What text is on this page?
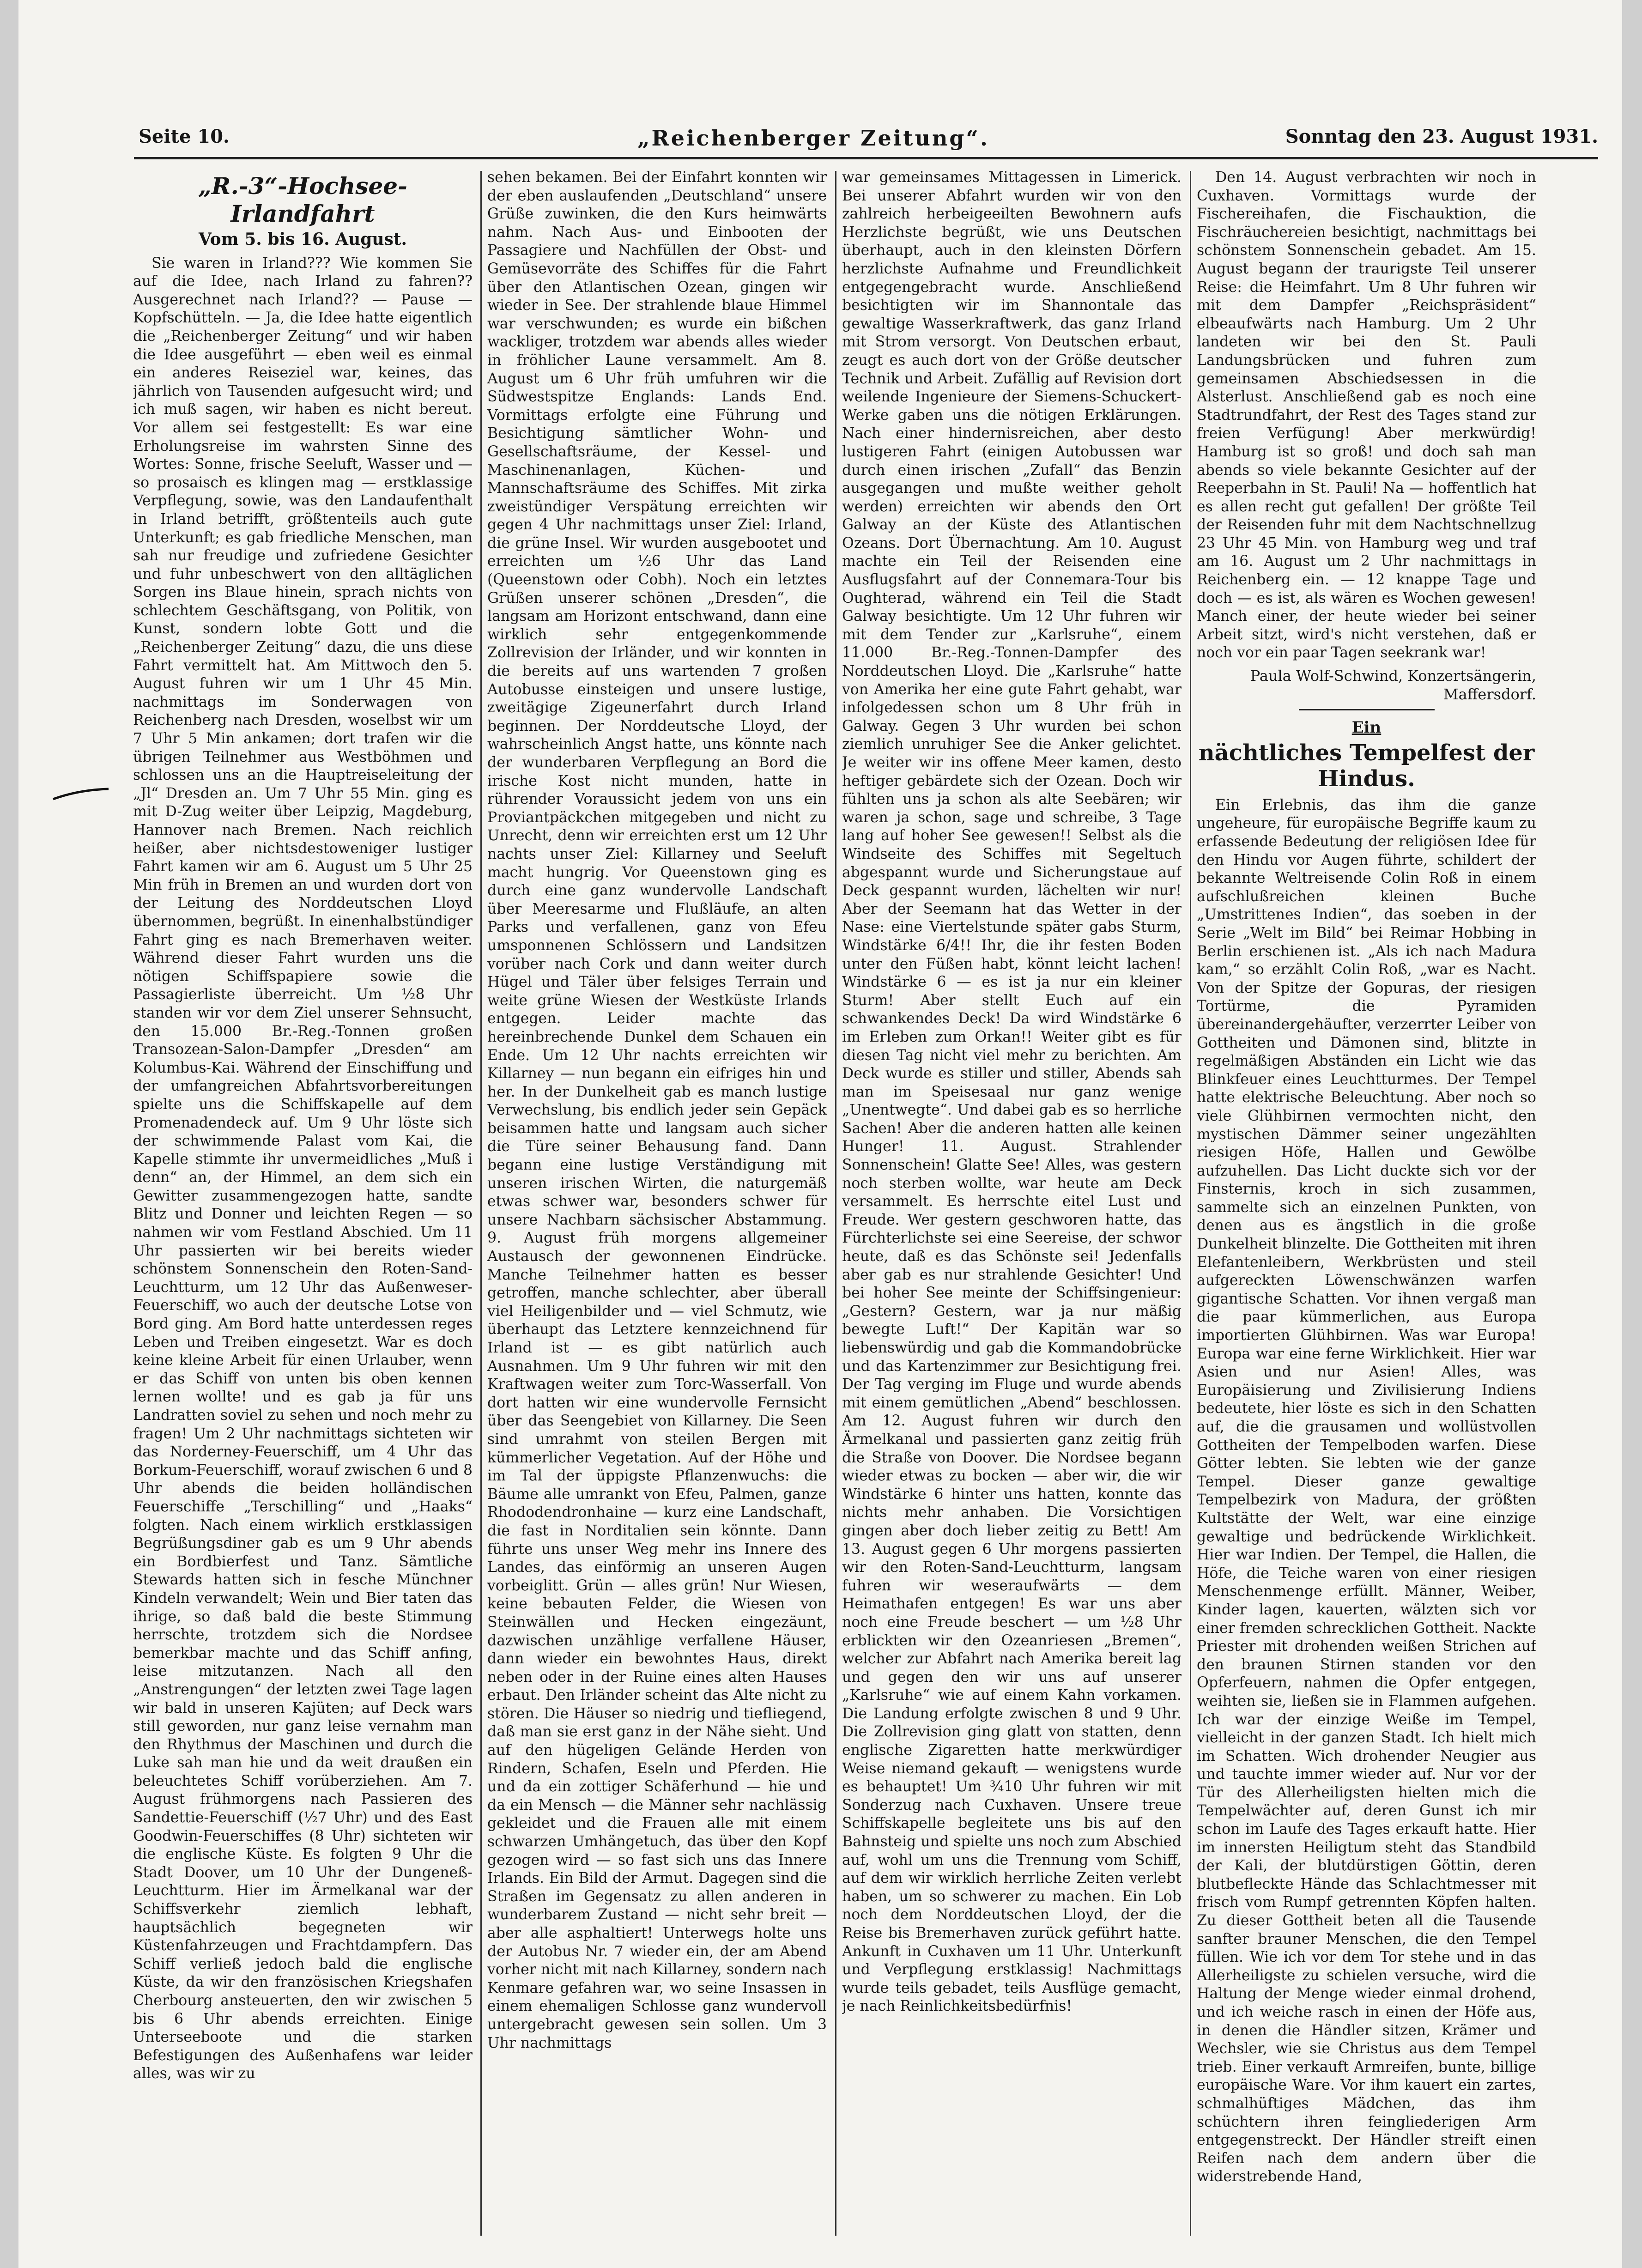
Seite 10.	„Reichenberger Zeitung“.	Sonntag den 23. August 1931.
„R.-3“-Hochsee-Irlandfahrt
Vom 5. bis 16. August.

Sie waren in Irland??? Wie kommen Sie auf die Idee, nach Irland zu fahren?? Ausgerechnet nach Irland?? — Pause — Kopfschütteln. — Ja, die Idee hatte eigentlich die „Reichenberger Zeitung“ und wir haben die Idee ausgeführt — eben weil es einmal ein anderes Reiseziel war, keines, das jährlich von Tausenden aufgesucht wird; und ich muß sagen, wir haben es nicht bereut. Vor allem sei festgestellt: Es war eine Erholungsreise im wahrsten Sinne des Wortes: Sonne, frische Seeluft, Wasser und — so prosaisch es klingen mag — erstklassige Verpflegung, sowie, was den Landaufenthalt in Irland betrifft, größtenteils auch gute Unterkunft; es gab friedliche Menschen, man sah nur freudige und zufriedene Gesichter und fuhr unbeschwert von den alltäglichen Sorgen ins Blaue hinein, sprach nichts von schlechtem Geschäftsgang, von Politik, von Kunst, sondern lobte Gott und die „Reichenberger Zeitung“ dazu, die uns diese Fahrt vermittelt hat. Am Mittwoch den 5. August fuhren wir um 1 Uhr 45 Min. nachmittags im Sonderwagen von Reichenberg nach Dresden, woselbst wir um 7 Uhr 5 Min ankamen; dort trafen wir die übrigen Teilnehmer aus Westböhmen und schlossen uns an die Hauptreiseleitung der „Jl“ Dresden an. Um 7 Uhr 55 Min. ging es mit D-Zug weiter über Leipzig, Magdeburg, Hannover nach Bremen. Nach reichlich heißer, aber nichtsdestoweniger lustiger Fahrt kamen wir am 6. August um 5 Uhr 25 Min früh in Bremen an und wurden dort von der Leitung des Norddeutschen Lloyd übernommen, begrüßt. In einenhalbstündiger Fahrt ging es nach Bremerhaven weiter. Während dieser Fahrt wurden uns die nötigen Schiffspapiere sowie die Passagierliste überreicht. Um ½8 Uhr standen wir vor dem Ziel unserer Sehnsucht, den 15.000 Br.-Reg.-Tonnen großen Transozean-Salon-Dampfer „Dresden“ am Kolumbus-Kai. Während der Einschiffung und der umfangreichen Abfahrtsvorbereitungen spielte uns die Schiffskapelle auf dem Promenadendeck auf. Um 9 Uhr löste sich der schwimmende Palast vom Kai, die Kapelle stimmte ihr unvermeidliches „Muß i denn“ an, der Himmel, an dem sich ein Gewitter zusammengezogen hatte, sandte Blitz und Donner und leichten Regen — so nahmen wir vom Festland Abschied. Um 11 Uhr passierten wir bei bereits wieder schönstem Sonnenschein den Roten-Sand-Leuchtturm, um 12 Uhr das Außenweser-Feuerschiff, wo auch der deutsche Lotse von Bord ging. Am Bord hatte unterdessen reges Leben und Treiben eingesetzt. War es doch keine kleine Arbeit für einen Urlauber, wenn er das Schiff von unten bis oben kennen lernen wollte! und es gab ja für uns Landratten soviel zu sehen und noch mehr zu fragen! Um 2 Uhr nachmittags sichteten wir das Norderney-Feuerschiff, um 4 Uhr das Borkum-Feuerschiff, worauf zwischen 6 und 8 Uhr abends die beiden holländischen Feuerschiffe „Terschilling“ und „Haaks“ folgten. Nach einem wirklich erstklassigen Begrüßungsdiner gab es um 9 Uhr abends ein Bordbierfest und Tanz. Sämtliche Stewards hatten sich in fesche Münchner Kindeln verwandelt; Wein und Bier taten das ihrige, so daß bald die beste Stimmung herrschte, trotzdem sich die Nordsee bemerkbar machte und das Schiff anfing, leise mitzutanzen. Nach all den „Anstrengungen“ der letzten zwei Tage lagen wir bald in unseren Kajüten; auf Deck wars still geworden, nur ganz leise vernahm man den Rhythmus der Maschinen und durch die Luke sah man hie und da weit draußen ein beleuchtetes Schiff vorüberziehen. Am 7. August frühmorgens nach Passieren des Sandettie-Feuerschiff (½7 Uhr) und des East Goodwin-Feuerschiffes (8 Uhr) sichteten wir die englische Küste. Es folgten 9 Uhr die Stadt Doover, um 10 Uhr der Dungeneß-Leuchtturm. Hier im Ärmelkanal war der Schiffsverkehr ziemlich lebhaft, hauptsächlich begegneten wir Küstenfahrzeugen und Frachtdampfern. Das Schiff verließ jedoch bald die englische Küste, da wir den französischen Kriegshafen Cherbourg ansteuerten, den wir zwischen 5 bis 6 Uhr abends erreichten. Einige Unterseeboote und die starken Befestigungen des Außenhafens war leider alles, was wir zu

sehen bekamen. Bei der Einfahrt konnten wir der eben auslaufenden „Deutschland“ unsere Grüße zuwinken, die den Kurs heimwärts nahm. Nach Aus- und Einbooten der Passagiere und Nachfüllen der Obst- und Gemüsevorräte des Schiffes für die Fahrt über den Atlantischen Ozean, gingen wir wieder in See. Der strahlende blaue Himmel war verschwunden; es wurde ein bißchen wackliger, trotzdem war abends alles wieder in fröhlicher Laune versammelt. Am 8. August um 6 Uhr früh umfuhren wir die Südwestspitze Englands: Lands End. Vormittags erfolgte eine Führung und Besichtigung sämtlicher Wohn- und Gesellschaftsräume, der Kessel- und Maschinenanlagen, Küchen- und Mannschaftsräume des Schiffes. Mit zirka zweistündiger Verspätung erreichten wir gegen 4 Uhr nachmittags unser Ziel: Irland, die grüne Insel. Wir wurden ausgebootet und erreichten um ½6 Uhr das Land (Queenstown oder Cobh). Noch ein letztes Grüßen unserer schönen „Dresden“, die langsam am Horizont entschwand, dann eine wirklich sehr entgegenkommende Zollrevision der Irländer, und wir konnten in die bereits auf uns wartenden 7 großen Autobusse einsteigen und unsere lustige, zweitägige Zigeunerfahrt durch Irland beginnen. Der Norddeutsche Lloyd, der wahrscheinlich Angst hatte, uns könnte nach der wunderbaren Verpflegung an Bord die irische Kost nicht munden, hatte in rührender Voraussicht jedem von uns ein Proviantpäckchen mitgegeben und nicht zu Unrecht, denn wir erreichten erst um 12 Uhr nachts unser Ziel: Killarney und Seeluft macht hungrig. Vor Queenstown ging es durch eine ganz wundervolle Landschaft über Meeresarme und Flußläufe, an alten Parks und verfallenen, ganz von Efeu umsponnenen Schlössern und Landsitzen vorüber nach Cork und dann weiter durch Hügel und Täler über felsiges Terrain und weite grüne Wiesen der Westküste Irlands entgegen. Leider machte das hereinbrechende Dunkel dem Schauen ein Ende. Um 12 Uhr nachts erreichten wir Killarney — nun begann ein eifriges hin und her. In der Dunkelheit gab es manch lustige Verwechslung, bis endlich jeder sein Gepäck beisammen hatte und langsam auch sicher die Türe seiner Behausung fand. Dann begann eine lustige Verständigung mit unseren irischen Wirten, die naturgemäß etwas schwer war, besonders schwer für unsere Nachbarn sächsischer Abstammung. 9. August früh morgens allgemeiner Austausch der gewonnenen Eindrücke. Manche Teilnehmer hatten es besser getroffen, manche schlechter, aber überall viel Heiligenbilder und — viel Schmutz, wie überhaupt das Letztere kennzeichnend für Irland ist — es gibt natürlich auch Ausnahmen. Um 9 Uhr fuhren wir mit den Kraftwagen weiter zum Torc-Wasserfall. Von dort hatten wir eine wundervolle Fernsicht über das Seengebiet von Killarney. Die Seen sind umrahmt von steilen Bergen mit kümmerlicher Vegetation. Auf der Höhe und im Tal der üppigste Pflanzenwuchs: die Bäume alle umrankt von Efeu, Palmen, ganze Rhododendronhaine — kurz eine Landschaft, die fast in Norditalien sein könnte. Dann führte uns unser Weg mehr ins Innere des Landes, das einförmig an unseren Augen vorbeiglitt. Grün — alles grün! Nur Wiesen, keine bebauten Felder, die Wiesen von Steinwällen und Hecken eingezäunt, dazwischen unzählige verfallene Häuser, dann wieder ein bewohntes Haus, direkt neben oder in der Ruine eines alten Hauses erbaut. Den Irländer scheint das Alte nicht zu stören. Die Häuser so niedrig und tiefliegend, daß man sie erst ganz in der Nähe sieht. Und auf den hügeligen Gelände Herden von Rindern, Schafen, Eseln und Pferden. Hie und da ein zottiger Schäferhund — hie und da ein Mensch — die Männer sehr nachlässig gekleidet und die Frauen alle mit einem schwarzen Umhängetuch, das über den Kopf gezogen wird — so fast sich uns das Innere Irlands. Ein Bild der Armut. Dagegen sind die Straßen im Gegensatz zu allen anderen in wunderbarem Zustand — nicht sehr breit — aber alle asphaltiert! Unterwegs holte uns der Autobus Nr. 7 wieder ein, der am Abend vorher nicht mit nach Killarney, sondern nach Kenmare gefahren war, wo seine Insassen in einem ehemaligen Schlosse ganz wundervoll untergebracht gewesen sein sollen. Um 3 Uhr nachmittags

war gemeinsames Mittagessen in Limerick. Bei unserer Abfahrt wurden wir von den zahlreich herbeigeeilten Bewohnern aufs Herzlichste begrüßt, wie uns Deutschen überhaupt, auch in den kleinsten Dörfern herzlichste Aufnahme und Freundlichkeit entgegengebracht wurde. Anschließend besichtigten wir im Shannontale das gewaltige Wasserkraftwerk, das ganz Irland mit Strom versorgt. Von Deutschen erbaut, zeugt es auch dort von der Größe deutscher Technik und Arbeit. Zufällig auf Revision dort weilende Ingenieure der Siemens-Schuckert-Werke gaben uns die nötigen Erklärungen. Nach einer hindernisreichen, aber desto lustigeren Fahrt (einigen Autobussen war durch einen irischen „Zufall“ das Benzin ausgegangen und mußte weither geholt werden) erreichten wir abends den Ort Galway an der Küste des Atlantischen Ozeans. Dort Übernachtung. Am 10. August machte ein Teil der Reisenden eine Ausflugsfahrt auf der Connemara-Tour bis Oughterad, während ein Teil die Stadt Galway besichtigte. Um 12 Uhr fuhren wir mit dem Tender zur „Karlsruhe“, einem 11.000 Br.-Reg.-Tonnen-Dampfer des Norddeutschen Lloyd. Die „Karlsruhe“ hatte von Amerika her eine gute Fahrt gehabt, war infolgedessen schon um 8 Uhr früh in Galway. Gegen 3 Uhr wurden bei schon ziemlich unruhiger See die Anker gelichtet. Je weiter wir ins offene Meer kamen, desto heftiger gebärdete sich der Ozean. Doch wir fühlten uns ja schon als alte Seebären; wir waren ja schon, sage und schreibe, 3 Tage lang auf hoher See gewesen!! Selbst als die Windseite des Schiffes mit Segeltuch abgespannt wurde und Sicherungstaue auf Deck gespannt wurden, lächelten wir nur! Aber der Seemann hat das Wetter in der Nase: eine Viertelstunde später gabs Sturm, Windstärke 6/4!! Ihr, die ihr festen Boden unter den Füßen habt, könnt leicht lachen! Windstärke 6 — es ist ja nur ein kleiner Sturm! Aber stellt Euch auf ein schwankendes Deck! Da wird Windstärke 6 im Erleben zum Orkan!! Weiter gibt es für diesen Tag nicht viel mehr zu berichten. Am Deck wurde es stiller und stiller, Abends sah man im Speisesaal nur ganz wenige „Unentwegte“. Und dabei gab es so herrliche Sachen! Aber die anderen hatten alle keinen Hunger! 11. August. Strahlender Sonnenschein! Glatte See! Alles, was gestern noch sterben wollte, war heute am Deck versammelt. Es herrschte eitel Lust und Freude. Wer gestern geschworen hatte, das Fürchterlichste sei eine Seereise, der schwor heute, daß es das Schönste sei! Jedenfalls aber gab es nur strahlende Gesichter! Und bei hoher See meinte der Schiffsingenieur: „Gestern? Gestern, war ja nur mäßig bewegte Luft!“ Der Kapitän war so liebenswürdig und gab die Kommandobrücke und das Kartenzimmer zur Besichtigung frei. Der Tag verging im Fluge und wurde abends mit einem gemütlichen „Abend“ beschlossen. Am 12. August fuhren wir durch den Ärmelkanal und passierten ganz zeitig früh die Straße von Doover. Die Nordsee begann wieder etwas zu bocken — aber wir, die wir Windstärke 6 hinter uns hatten, konnte das nichts mehr anhaben. Die Vorsichtigen gingen aber doch lieber zeitig zu Bett! Am 13. August gegen 6 Uhr morgens passierten wir den Roten-Sand-Leuchtturm, langsam fuhren wir weseraufwärts — dem Heimathafen entgegen! Es war uns aber noch eine Freude beschert — um ½8 Uhr erblickten wir den Ozeanriesen „Bremen“, welcher zur Abfahrt nach Amerika bereit lag und gegen den wir uns auf unserer „Karlsruhe“ wie auf einem Kahn vorkamen. Die Landung erfolgte zwischen 8 und 9 Uhr. Die Zollrevision ging glatt von statten, denn englische Zigaretten hatte merkwürdiger Weise niemand gekauft — wenigstens wurde es behauptet! Um ¾10 Uhr fuhren wir mit Sonderzug nach Cuxhaven. Unsere treue Schiffskapelle begleitete uns bis auf den Bahnsteig und spielte uns noch zum Abschied auf, wohl um uns die Trennung vom Schiff, auf dem wir wirklich herrliche Zeiten verlebt haben, um so schwerer zu machen. Ein Lob noch dem Norddeutschen Lloyd, der die Reise bis Bremerhaven zurück geführt hatte. Ankunft in Cuxhaven um 11 Uhr. Unterkunft und Verpflegung erstklassig! Nachmittags wurde teils gebadet, teils Ausflüge gemacht, je nach Reinlichkeitsbedürfnis!

Den 14. August verbrachten wir noch in Cuxhaven. Vormittags wurde der Fischereihafen, die Fischauktion, die Fischräuchereien besichtigt, nachmittags bei schönstem Sonnenschein gebadet. Am 15. August begann der traurigste Teil unserer Reise: die Heimfahrt. Um 8 Uhr fuhren wir mit dem Dampfer „Reichspräsident“ elbeaufwärts nach Hamburg. Um 2 Uhr landeten wir bei den St. Pauli Landungsbrücken und fuhren zum gemeinsamen Abschiedsessen in die Alsterlust. Anschließend gab es noch eine Stadtrundfahrt, der Rest des Tages stand zur freien Verfügung! Aber merkwürdig! Hamburg ist so groß! und doch sah man abends so viele bekannte Gesichter auf der Reeperbahn in St. Pauli! Na — hoffentlich hat es allen recht gut gefallen! Der größte Teil der Reisenden fuhr mit dem Nachtschnellzug 23 Uhr 45 Min. von Hamburg weg und traf am 16. August um 2 Uhr nachmittags in Reichenberg ein. — 12 knappe Tage und doch — es ist, als wären es Wochen gewesen! Manch einer, der heute wieder bei seiner Arbeit sitzt, wird's nicht verstehen, daß er noch vor ein paar Tagen seekrank war!

Paula Wolf-Schwind, Konzertsängerin, Maffersdorf.
Ein
nächtliches Tempelfest der Hindus.

Ein Erlebnis, das ihm die ganze ungeheure, für europäische Begriffe kaum zu erfassende Bedeutung der religiösen Idee für den Hindu vor Augen führte, schildert der bekannte Weltreisende Colin Roß in einem aufschlußreichen kleinen Buche „Umstrittenes Indien“, das soeben in der Serie „Welt im Bild“ bei Reimar Hobbing in Berlin erschienen ist. „Als ich nach Madura kam,“ so erzählt Colin Roß, „war es Nacht. Von der Spitze der Gopuras, der riesigen Tortürme, die Pyramiden übereinandergehäufter, verzerrter Leiber von Gottheiten und Dämonen sind, blitzte in regelmäßigen Abständen ein Licht wie das Blinkfeuer eines Leuchtturmes. Der Tempel hatte elektrische Beleuchtung. Aber noch so viele Glühbirnen vermochten nicht, den mystischen Dämmer seiner ungezählten riesigen Höfe, Hallen und Gewölbe aufzuhellen. Das Licht duckte sich vor der Finsternis, kroch in sich zusammen, sammelte sich an einzelnen Punkten, von denen aus es ängstlich in die große Dunkelheit blinzelte. Die Gottheiten mit ihren Elefantenleibern, Werkbrüsten und steil aufgereckten Löwenschwänzen warfen gigantische Schatten. Vor ihnen vergaß man die paar kümmerlichen, aus Europa importierten Glühbirnen. Was war Europa! Europa war eine ferne Wirklichkeit. Hier war Asien und nur Asien! Alles, was Europäisierung und Zivilisierung Indiens bedeutete, hier löste es sich in den Schatten auf, die die grausamen und wollüstvollen Gottheiten der Tempelboden warfen. Diese Götter lebten. Sie lebten wie der ganze Tempel. Dieser ganze gewaltige Tempelbezirk von Madura, der größten Kultstätte der Welt, war eine einzige gewaltige und bedrückende Wirklichkeit. Hier war Indien. Der Tempel, die Hallen, die Höfe, die Teiche waren von einer riesigen Menschenmenge erfüllt. Männer, Weiber, Kinder lagen, kauerten, wälzten sich vor einer fremden schrecklichen Gottheit. Nackte Priester mit drohenden weißen Strichen auf den braunen Stirnen standen vor den Opferfeuern, nahmen die Opfer entgegen, weihten sie, ließen sie in Flammen aufgehen. Ich war der einzige Weiße im Tempel, vielleicht in der ganzen Stadt. Ich hielt mich im Schatten. Wich drohender Neugier aus und tauchte immer wieder auf. Nur vor der Tür des Allerheiligsten hielten mich die Tempelwächter auf, deren Gunst ich mir schon im Laufe des Tages erkauft hatte. Hier im innersten Heiligtum steht das Standbild der Kali, der blutdürstigen Göttin, deren blutbefleckte Hände das Schlachtmesser mit frisch vom Rumpf getrennten Köpfen halten. Zu dieser Gottheit beten all die Tausende sanfter brauner Menschen, die den Tempel füllen. Wie ich vor dem Tor stehe und in das Allerheiligste zu schielen versuche, wird die Haltung der Menge wieder einmal drohend, und ich weiche rasch in einen der Höfe aus, in denen die Händler sitzen, Krämer und Wechsler, wie sie Christus aus dem Tempel trieb. Einer verkauft Armreifen, bunte, billige europäische Ware. Vor ihm kauert ein zartes, schmalhüftiges Mädchen, das ihm schüchtern ihren feingliederigen Arm entgegenstreckt. Der Händler streift einen Reifen nach dem andern über die widerstrebende Hand,
